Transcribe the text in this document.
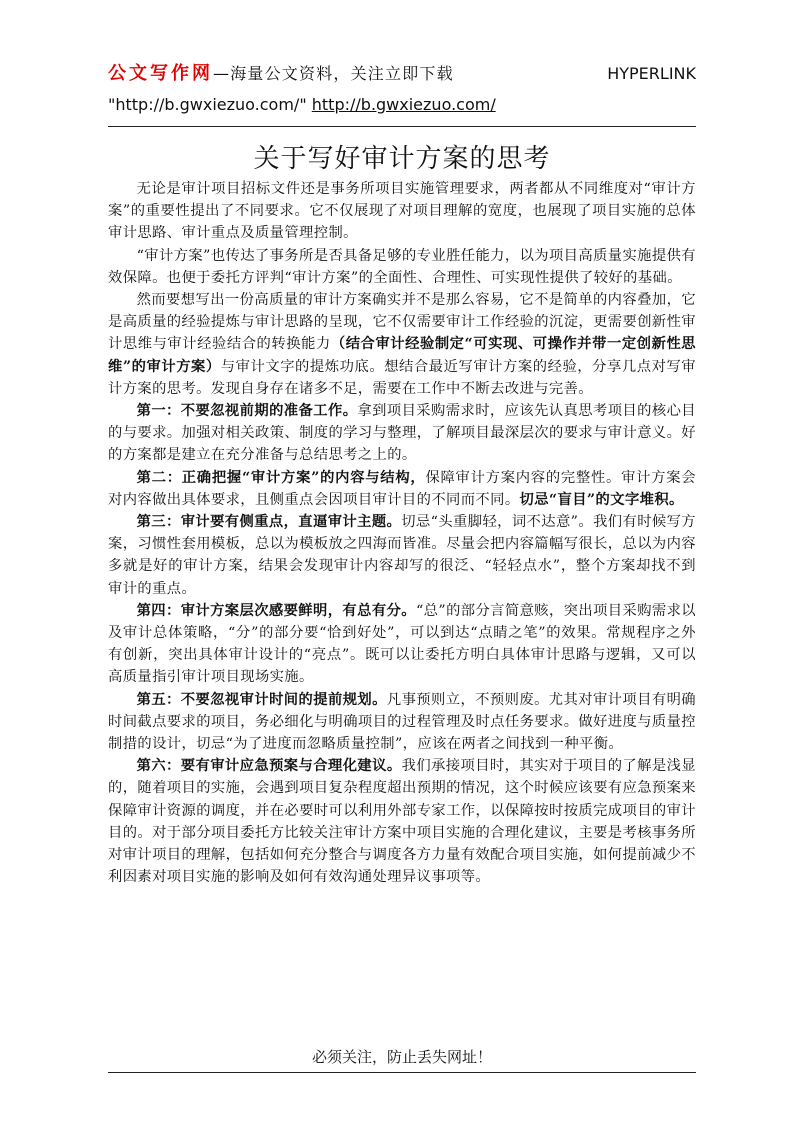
公文写作网—海量公文资料，关注立即下载	HYPERLINK
"http://b.gwxiezuo.com/" http://b.gwxiezuo.com/
关于写好审计方案的思考

无论是审计项目招标文件还是事务所项目实施管理要求，两者都从不同维度对“审计方案”的重要性提出了不同要求。它不仅展现了对项目理解的宽度，也展现了项目实施的总体审计思路、审计重点及质量管理控制。

“审计方案”也传达了事务所是否具备足够的专业胜任能力，以为项目高质量实施提供有效保障。也便于委托方评判“审计方案”的全面性、合理性、可实现性提供了较好的基础。

然而要想写出一份高质量的审计方案确实并不是那么容易，它不是简单的内容叠加，它是高质量的经验提炼与审计思路的呈现，它不仅需要审计工作经验的沉淀，更需要创新性审计思维与审计经验结合的转换能力（结合审计经验制定“可实现、可操作并带一定创新性思维”的审计方案）与审计文字的提炼功底。想结合最近写审计方案的经验，分享几点对写审计方案的思考。发现自身存在诸多不足，需要在工作中不断去改进与完善。

第一：不要忽视前期的准备工作。拿到项目采购需求时，应该先认真思考项目的核心目的与要求。加强对相关政策、制度的学习与整理，了解项目最深层次的要求与审计意义。好的方案都是建立在充分准备与总结思考之上的。

第二：正确把握“审计方案”的内容与结构，保障审计方案内容的完整性。审计方案会对内容做出具体要求，且侧重点会因项目审计目的不同而不同。切忌“盲目”的文字堆积。

第三：审计要有侧重点，直逼审计主题。切忌“头重脚轻，词不达意”。我们有时候写方案，习惯性套用模板，总以为模板放之四海而皆准。尽量会把内容篇幅写很长，总以为内容多就是好的审计方案，结果会发现审计内容却写的很泛、“轻轻点水”，整个方案却找不到审计的重点。

第四：审计方案层次感要鲜明，有总有分。“总”的部分言简意赅，突出项目采购需求以及审计总体策略，“分”的部分要“恰到好处”，可以到达“点睛之笔”的效果。常规程序之外有创新，突出具体审计设计的“亮点”。既可以让委托方明白具体审计思路与逻辑，又可以高质量指引审计项目现场实施。

第五：不要忽视审计时间的提前规划。凡事预则立，不预则废。尤其对审计项目有明确时间截点要求的项目，务必细化与明确项目的过程管理及时点任务要求。做好进度与质量控制措的设计，切忌“为了进度而忽略质量控制”，应该在两者之间找到一种平衡。

第六：要有审计应急预案与合理化建议。我们承接项目时，其实对于项目的了解是浅显的，随着项目的实施，会遇到项目复杂程度超出预期的情况，这个时候应该要有应急预案来保障审计资源的调度，并在必要时可以利用外部专家工作，以保障按时按质完成项目的审计目的。对于部分项目委托方比较关注审计方案中项目实施的合理化建议，主要是考核事务所对审计项目的理解，包括如何充分整合与调度各方力量有效配合项目实施，如何提前减少不利因素对项目实施的影响及如何有效沟通处理异议事项等。

必须关注，防止丢失网址！
